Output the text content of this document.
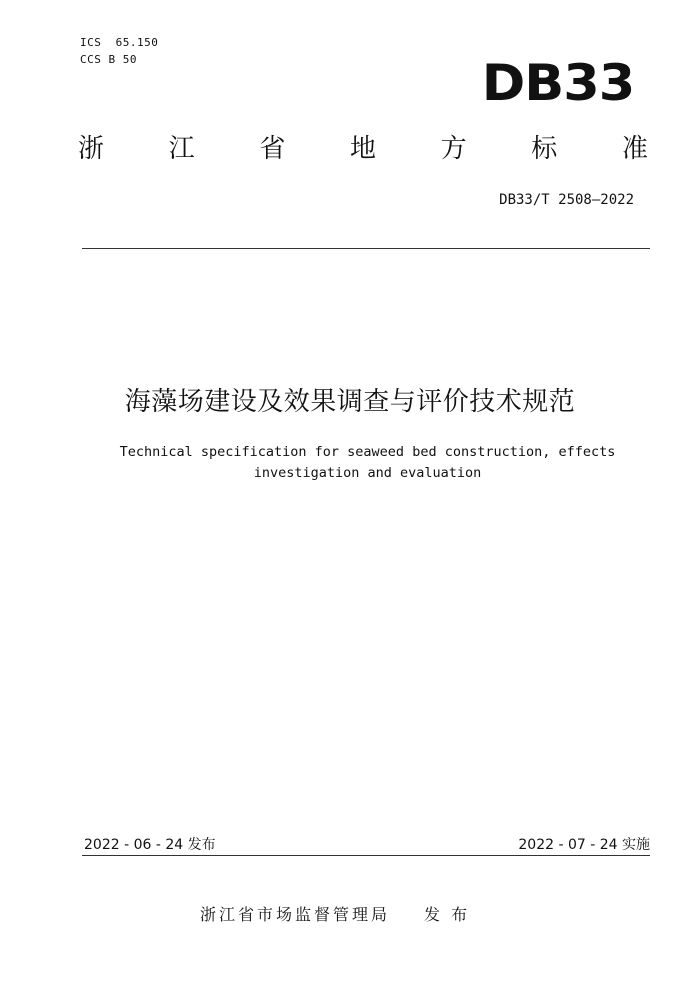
ICS  65.150
CCS B 50	DB33
浙 江 省 地 方 标 准
DB33/T 2508—2022
海藻场建设及效果调查与评价技术规范
Technical specification for seaweed bed construction, effects
investigation and evaluation
2022 - 06 - 24 发布	2022 - 07 - 24 实施
浙江省市场监督管理局 发 布
